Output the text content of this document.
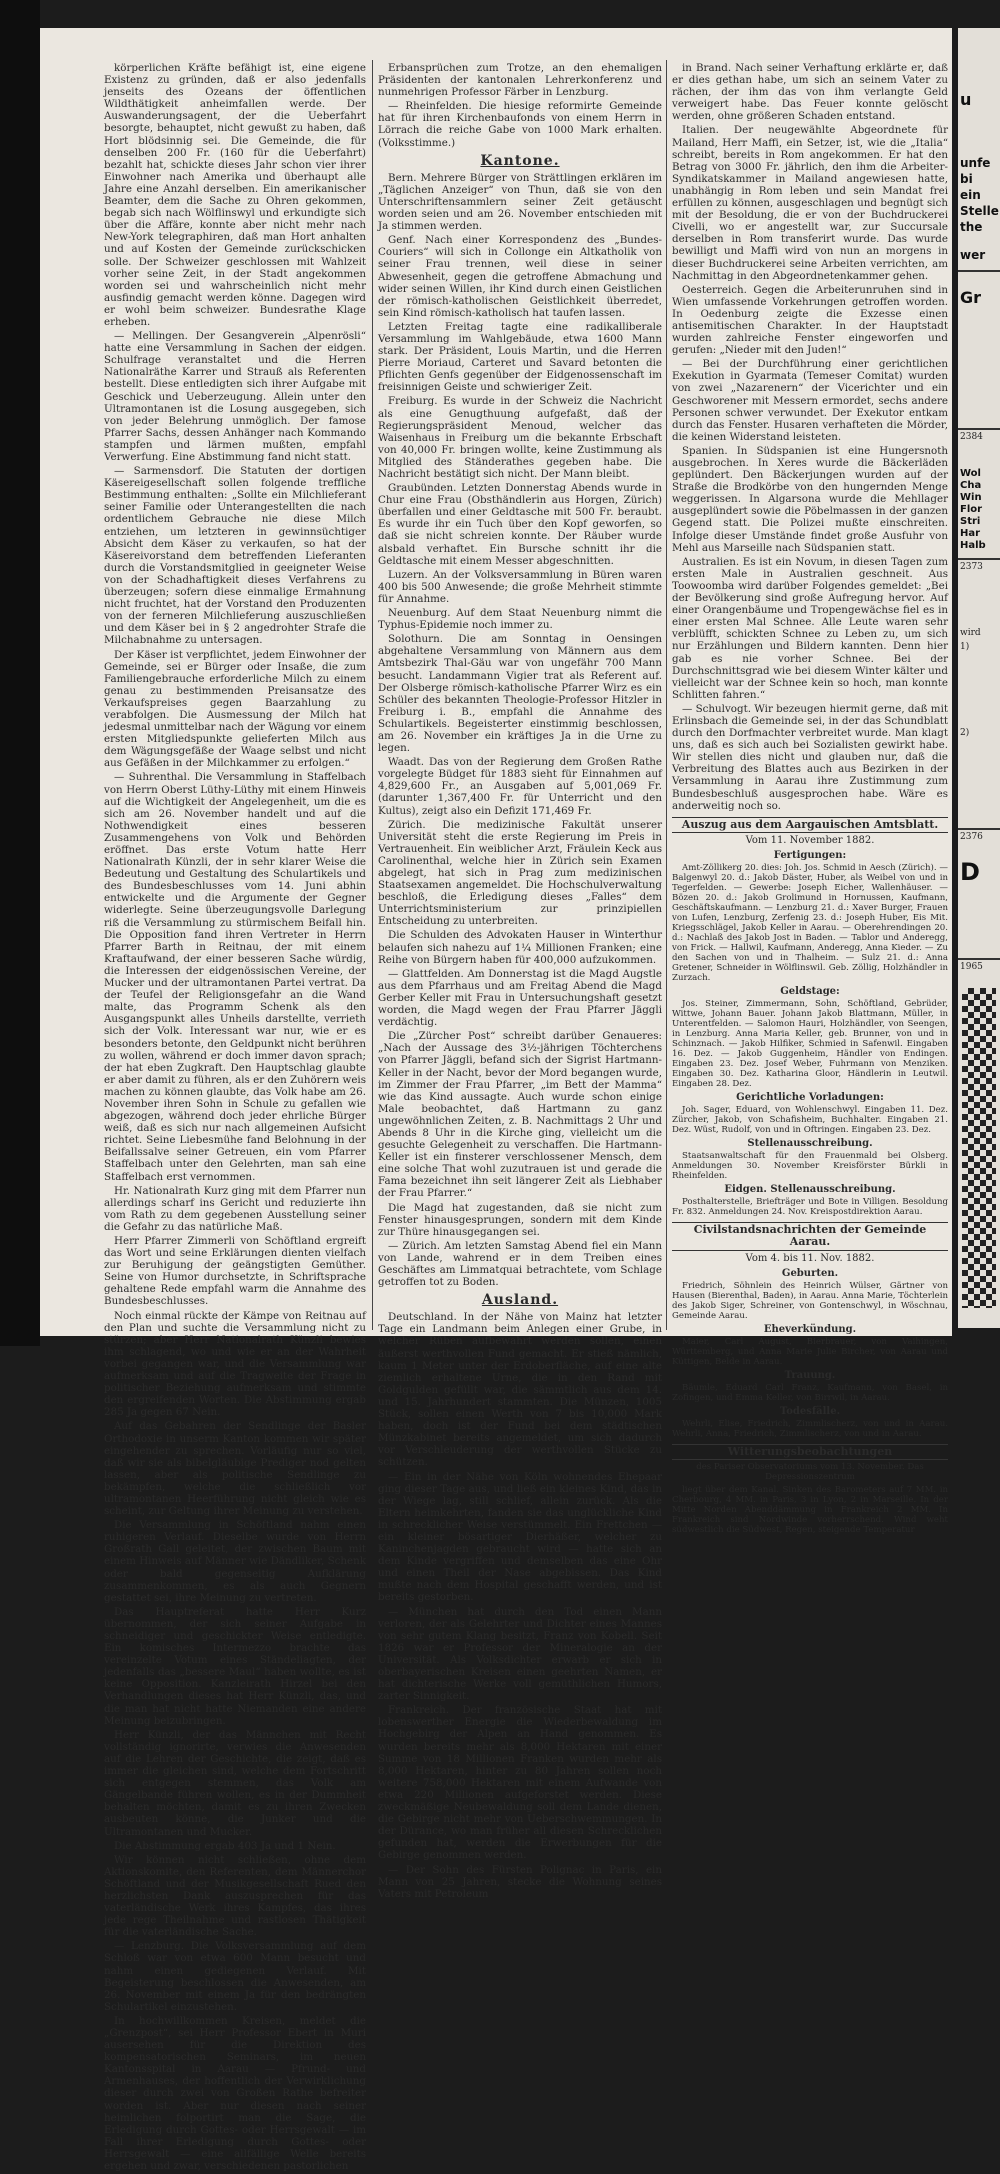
körperlichen Kräfte befähigt ist, eine eigene Existenz zu gründen, daß er also jedenfalls jenseits des Ozeans der öffentlichen Wildthätigkeit anheimfallen werde. Der Auswanderungsagent, der die Ueberfahrt besorgte, behauptet, nicht gewußt zu haben, daß Hort blödsinnig sei. Die Gemeinde, die für denselben 200 Fr. (160 für die Ueberfahrt) bezahlt hat, schickte dieses Jahr schon vier ihrer Einwohner nach Amerika und überhaupt alle Jahre eine Anzahl derselben. Ein amerikanischer Beamter, dem die Sache zu Ohren gekommen, begab sich nach Wölflinswyl und erkundigte sich über die Affäre, konnte aber nicht mehr nach New-York telegraphiren, daß man Hort anhalten und auf Kosten der Gemeinde zurückschicken solle. Der Schweizer geschlossen mit Wahlzeit vorher seine Zeit, in der Stadt angekommen worden sei und wahrscheinlich nicht mehr ausfindig gemacht werden könne. Dagegen wird er wohl beim schweizer. Bundesrathe Klage erheben.

— Mellingen. Der Gesangverein „Alpenrösli“ hatte eine Versammlung in Sachen der eidgen. Schulfrage veranstaltet und die Herren Nationalräthe Karrer und Strauß als Referenten bestellt. Diese entledigten sich ihrer Aufgabe mit Geschick und Ueberzeugung. Allein unter den Ultramontanen ist die Losung ausgegeben, sich von jeder Belehrung unmöglich. Der famose Pfarrer Sachs, dessen Anhänger nach Kommando stampfen und lärmen mußten, empfahl Verwerfung. Eine Abstimmung fand nicht statt.

— Sarmensdorf. Die Statuten der dortigen Käsereigesellschaft sollen folgende treffliche Bestimmung enthalten: „Sollte ein Milchlieferant seiner Familie oder Unterangestellten die nach ordentlichem Gebrauche nie diese Milch entziehen, um letzteren in gewinnsüchtiger Absicht dem Käser zu verkaufen, so hat der Käsereivorstand dem betreffenden Lieferanten durch die Vorstandsmitglied in geeigneter Weise von der Schadhaftigkeit dieses Verfahrens zu überzeugen; sofern diese einmalige Ermahnung nicht fruchtet, hat der Vorstand den Produzenten von der ferneren Milchlieferung auszuschließen und dem Käser bei in § 2 angedrohter Strafe die Milchabnahme zu untersagen.

Der Käser ist verpflichtet, jedem Einwohner der Gemeinde, sei er Bürger oder Insaße, die zum Familiengebrauche erforderliche Milch zu einem genau zu bestimmenden Preisansatze des Verkaufspreises gegen Baarzahlung zu verabfolgen. Die Ausmessung der Milch hat jedesmal unmittelbar nach der Wägung vor einem ersten Mitgliedspunkte gelieferten Milch aus dem Wägungsgefäße der Waage selbst und nicht aus Gefäßen in der Milchkammer zu erfolgen.“

— Suhrenthal. Die Versammlung in Staffelbach von Herrn Oberst Lüthy-Lüthy mit einem Hinweis auf die Wichtigkeit der Angelegenheit, um die es sich am 26. November handelt und auf die Nothwendigkeit eines besseren Zusammengehens von Volk und Behörden eröffnet. Das erste Votum hatte Herr Nationalrath Künzli, der in sehr klarer Weise die Bedeutung und Gestaltung des Schulartikels und des Bundesbeschlusses vom 14. Juni abhin entwickelte und die Argumente der Gegner widerlegte. Seine überzeugungsvolle Darlegung riß die Versammlung zu stürmischem Beifall hin. Die Opposition fand ihren Vertreter in Herrn Pfarrer Barth in Reitnau, der mit einem Kraftaufwand, der einer besseren Sache würdig, die Interessen der eidgenössischen Vereine, der Mucker und der ultramontanen Partei vertrat. Da der Teufel der Religionsgefahr an die Wand malte, das Programm Schenk als den Ausgangspunkt alles Unheils darstellte, verrieth sich der Volk. Interessant war nur, wie er es besonders betonte, den Geldpunkt nicht berühren zu wollen, während er doch immer davon sprach; der hat eben Zugkraft. Den Hauptschlag glaubte er aber damit zu führen, als er den Zuhörern weis machen zu können glaubte, das Volk habe am 26. November ihren Sohn in Schule zu gefallen wie abgezogen, während doch jeder ehrliche Bürger weiß, daß es sich nur nach allgemeinen Aufsicht richtet. Seine Liebesmühe fand Belohnung in der Beifallssalve seiner Getreuen, ein vom Pfarrer Staffelbach unter den Gelehrten, man sah eine Staffelbach erst vernommen.

Hr. Nationalrath Kurz ging mit dem Pfarrer nun allerdings scharf ins Gericht und reduzierte ihn vom Rath zu dem gegebenen Ausstellung seiner die Gefahr zu das natürliche Maß.

Herr Pfarrer Zimmerli von Schöftland ergreift das Wort und seine Erklärungen dienten vielfach zur Beruhigung der geängstigten Gemüther. Seine von Humor durchsetzte, in Schriftsprache gehaltene Rede empfahl warm die Annahme des Bundesbeschlusses.

Noch einmal rückte der Kämpe von Reitnau auf den Plan und suchte die Versammlung nicht zu stürzen; aber Herr Nationalrath Künzli bewies ihm schlagend, wo und wie er an der Wahrheit vorbei gegangen war, und die Versammlung war aufmerksam und auf die Tragweite der Frage in politischer Beziehung aufmerksam und stimmte den ergreifenden Worten. Die Abstimmung ergab 285 Ja gegen 67 Nein.

Auf das Gebahren der Sendlinge der Basler Orthodoxie in unserm Kanton kommen wir später eingehender zu sprechen. Vorläufig nur so viel, daß wir sie als bibelgläubige Prediger nod gelten lassen, aber als politische Sendlinge zu bekämpfen, welche die schließlich vor ultramontanen Heerführung nicht gleich wie es scheint, zur Geltung ihrer Meinung zu verstehen.

Die Versammlung in Schöftland nahm einen ruhigeren Verlauf. Dieselbe wurde von Herrn Großrath Gall geleitet, der zwischen Baum mit einem Hinweis auf Männer wie Dändliker, Schenk oder bald gegenseitig Aufklärung zusammenkommen, es als auch Gegnern gestattet sei, ihre Meinung zu vertreten.

Das Hauptreferat hatte Herr Kurz übernommen, der sich seiner Aufgabe in schneidiger und geschickter Weise entledigte. Ein komisches Intermezzo brachte das vereinzelte Votum eines Ständeliagten, der jedenfalls das „bessere Maul“ haben wollte, es ist keine Opposition. Kanzleirath Hirzel bei den Verhandlungen dieses hat Herr Künzli, das, und die man hat nicht hatte Niemanden eine andere Meinung beizubringen.

Herr Künzli, der das Männchen mit Recht vollständig ignorirte, verwies die Anwesenden auf die Lehren der Geschichte, die zeigt, daß es immer die gleichen sind, welche dem Fortschritt sich entgegen stemmen, das Volk am Gängelbande führen wollen, es in der Dummheit behalten möchten, damit es zu ihren Zwecken ausbeuten könne, die Junker und die Ultramontanen und Mucker.

Die Abstimmung ergab 403 Ja und 1 Nein.

Wir können nicht schließen, ohne dem Aktionskomite, den Referenten, dem Männerchor Schöftland und der Musikgesellschaft Rued den herzlichsten Dank auszusprechen für das vaterländische Werk ihres Kampfes, das ihres jede rege Theilnahme und rastlosen Thätigkeit für die vaterländische Sache.

— Lenzburg. Die Volksversammlung auf dem Schloß war von etwa 600 Mann besucht und nahm einen gediegenen Verlauf. Mit Begeisterung beschlossen die Anwesenden, am 26. November mit einem Ja für den bedrängten Schulartikel einzustehen.

In hochwillkommen Kreisen, meldet die „Grenzpost“, sei Herr Professor Ebert in Muri ausersehen für die Direktion des kompensatorischen Seminars, im neuen Kantonsspital in Aarau — Pfrund- und Armenhauses, der hoffentlich der Verwirklichung dieser durch zwei von Großen Rathe befreiter worden ist. Aber nur diesen nach seiner heimlichen folportirt man die Sage, die Erledigung durch Gottes- oder Herrsgewalt — im Fall ihrer Erledigung durch Gottes- oder Herrsgewalt — eine allfällige Welle bereits ergehen und zwar, verschiedenen pastorlichen

Erbansprüchen zum Trotze, an den ehemaligen Präsidenten der kantonalen Lehrerkonferenz und nunmehrigen Professor Färber in Lenzburg.

— Rheinfelden. Die hiesige reformirte Gemeinde hat für ihren Kirchenbaufonds von einem Herrn in Lörrach die reiche Gabe von 1000 Mark erhalten. (Volksstimme.)

Kantone.

Bern. Mehrere Bürger von Strättlingen erklären im „Täglichen Anzeiger“ von Thun, daß sie von den Unterschriftensammlern seiner Zeit getäuscht worden seien und am 26. November entschieden mit Ja stimmen werden.

Genf. Nach einer Korrespondenz des „Bundes-Couriers“ will sich in Collonge ein Altkatholik von seiner Frau trennen, weil diese in seiner Abwesenheit, gegen die getroffene Abmachung und wider seinen Willen, ihr Kind durch einen Geistlichen der römisch-katholischen Geistlichkeit überredet, sein Kind römisch-katholisch hat taufen lassen.

Letzten Freitag tagte eine radikalliberale Versammlung im Wahlgebäude, etwa 1600 Mann stark. Der Präsident, Louis Martin, und die Herren Pierre Moriaud, Carteret und Savard betonten die Pflichten Genfs gegenüber der Eidgenossenschaft im freisinnigen Geiste und schwieriger Zeit.

Freiburg. Es wurde in der Schweiz die Nachricht als eine Genugthuung aufgefaßt, daß der Regierungspräsident Menoud, welcher das Waisenhaus in Freiburg um die bekannte Erbschaft von 40,000 Fr. bringen wollte, keine Zustimmung als Mitglied des Ständerathes gegeben habe. Die Nachricht bestätigt sich nicht. Der Mann bleibt.

Graubünden. Letzten Donnerstag Abends wurde in Chur eine Frau (Obsthändlerin aus Horgen, Zürich) überfallen und einer Geldtasche mit 500 Fr. beraubt. Es wurde ihr ein Tuch über den Kopf geworfen, so daß sie nicht schreien konnte. Der Räuber wurde alsbald verhaftet. Ein Bursche schnitt ihr die Geldtasche mit einem Messer abgeschnitten.

Luzern. An der Volksversammlung in Büren waren 400 bis 500 Anwesende; die große Mehrheit stimmte für Annahme.

Neuenburg. Auf dem Staat Neuenburg nimmt die Typhus-Epidemie noch immer zu.

Solothurn. Die am Sonntag in Oensingen abgehaltene Versammlung von Männern aus dem Amtsbezirk Thal-Gäu war von ungefähr 700 Mann besucht. Landammann Vigier trat als Referent auf. Der Olsberge römisch-katholische Pfarrer Wirz es ein Schüler des bekannten Theologie-Professor Hitzler in Freiburg i. B., empfahl die Annahme des Schulartikels. Begeisterter einstimmig beschlossen, am 26. November ein kräftiges Ja in die Urne zu legen.

Waadt. Das von der Regierung dem Großen Rathe vorgelegte Büdget für 1883 sieht für Einnahmen auf 4,829,600 Fr., an Ausgaben auf 5,001,069 Fr. (darunter 1,367,400 Fr. für Unterricht und den Kultus), zeigt also ein Defizit 171,469 Fr.

Zürich. Die medizinische Fakultät unserer Universität steht die erste Regierung im Preis in Vertrauenheit. Ein weiblicher Arzt, Fräulein Keck aus Carolinenthal, welche hier in Zürich sein Examen abgelegt, hat sich in Prag zum medizinischen Staatsexamen angemeldet. Die Hochschulverwaltung beschloß, die Erledigung dieses „Falles“ dem Unterrichtsministerium zur prinzipiellen Entscheidung zu unterbreiten.

Die Schulden des Advokaten Hauser in Winterthur belaufen sich nahezu auf 1¼ Millionen Franken; eine Reihe von Bürgern haben für 400,000 aufzukommen.

— Glattfelden. Am Donnerstag ist die Magd Augstle aus dem Pfarrhaus und am Freitag Abend die Magd Gerber Keller mit Frau in Untersuchungshaft gesetzt worden, die Magd wegen der Frau Pfarrer Jäggli verdächtig.

Die „Zürcher Post“ schreibt darüber Genaueres: „Nach der Aussage des 3½-jährigen Töchterchens von Pfarrer Jäggli, befand sich der Sigrist Hartmann-Keller in der Nacht, bevor der Mord begangen wurde, im Zimmer der Frau Pfarrer, „im Bett der Mamma“ wie das Kind aussagte. Auch wurde schon einige Male beobachtet, daß Hartmann zu ganz ungewöhnlichen Zeiten, z. B. Nachmittags 2 Uhr und Abends 8 Uhr in die Kirche ging, vielleicht um die gesuchte Gelegenheit zu verschaffen. Die Hartmann-Keller ist ein finsterer verschlossener Mensch, dem eine solche That wohl zuzutrauen ist und gerade die Fama bezeichnet ihn seit längerer Zeit als Liebhaber der Frau Pfarrer.“

Die Magd hat zugestanden, daß sie nicht zum Fenster hinausgesprungen, sondern mit dem Kinde zur Thüre hinausgegangen sei.

— Zürich. Am letzten Samstag Abend fiel ein Mann von Lande, wahrend er in dem Treiben eines Geschäftes am Limmatquai betrachtete, vom Schlage getroffen tot zu Boden.

Ausland.

Deutschland. In der Nähe von Mainz hat letzter Tage ein Landmann beim Anlegen einer Grube, in welcher Rüben aufbewahrt werden sollen, einen äußerst werthvollen Fund gemacht. Er stieß nämlich, kaum 1 Meter unter der Erdoberfläche, auf eine alte ziemlich erhaltene Urne, die in den Rand mit Goldgulden gefüllt war, die sämmtlich aus dem 14. und 15. Jahrhundert stammten. Die Münzen, 1005 Stück, sollen einen Werth von 7 bis 10,000 Mark haben, doch ist der Fund bei dem städtischen Münzkabinet bereits angemeldet, um sich dadurch vor Verschleuderung der werthvollen Stücke zu schützen.

— Ein in der Nähe von Köln wohnendes Ehepaar ging dieser Tage aus, und ließ ein kleines Kind, das in der Wiege lag, still schlief, allein zurück. Als die Eltern heimkehrten, fanden sie das unglückliche Kind in schrecklicher Weise verstümmelt. Ein Frettchen — ein kleiner bösartiger Dierhäßer, welcher zu Kaninchenjagden gebraucht wird — hatte sich an dem Kinde vergriffen und demselben das eine Ohr und einen Theil der Nase abgebissen. Das Kind mußte nach dem Hospital geschafft werden, und ist bereits gestorben.

— München hat durch den Tod einen Mann verloren, der als Gelehrter und Dichter eines Mannes von sehr gutem Klang besitzt, Franz von Kobell. Seit 1826 war er Professor der Mineralogie an der Universität. Als Volksdichter erwarb er sich in oberbayerischen Kreisen einen geehrten Namen, er hat dichterische Werke voll gemüthlichen Humors, zarter Sinnigkeit.

Frankreich. Der französische Staat hat mit lobenswerther Energie die Wiederbewaldung im Hochgebirg der Alpen an Hand genommen. Es wurden bereits mehr als 8,000 Hektaren mit einer Summe von 18 Millionen Franken wurden mehr als 8,000 Hektaren, hinter zu 80 Jahren sollen noch weitere 758,000 Hektaren mit einem Aufwande von etwa 220 Millionen aufgeforstet werden. Diese zweckmäßige Neubewaldung soll dem Lande dienen, die Gebirge nicht mehr von Ueberschwemmungen. In der Dürance, wo man früher all diesen Schrecklichen gefunden hat, werden die Erwerbungen für die Gebirge genommen werden.

— Der Sohn des Fürsten Polignac in Paris, ein Mann von 25 Jahren, stecke die Wohnung seines Vaters mit Petroleum

in Brand. Nach seiner Verhaftung erklärte er, daß er dies gethan habe, um sich an seinem Vater zu rächen, der ihm das von ihm verlangte Geld verweigert habe. Das Feuer konnte gelöscht werden, ohne größeren Schaden entstand.

Italien. Der neugewählte Abgeordnete für Mailand, Herr Maffi, ein Setzer, ist, wie die „Italia“ schreibt, bereits in Rom angekommen. Er hat den Betrag von 3000 Fr. jährlich, den ihm die Arbeiter-Syndikatskammer in Mailand angewiesen hatte, unabhängig in Rom leben und sein Mandat frei erfüllen zu können, ausgeschlagen und begnügt sich mit der Besoldung, die er von der Buchdruckerei Civelli, wo er angestellt war, zur Succursale derselben in Rom transferirt wurde. Das wurde bewilligt und Maffi wird von nun an morgens in dieser Buchdruckerei seine Arbeiten verrichten, am Nachmittag in den Abgeordnetenkammer gehen.

Oesterreich. Gegen die Arbeiterunruhen sind in Wien umfassende Vorkehrungen getroffen worden. In Oedenburg zeigte die Exzesse einen antisemitischen Charakter. In der Hauptstadt wurden zahlreiche Fenster eingeworfen und gerufen: „Nieder mit den Juden!“

— Bei der Durchführung einer gerichtlichen Exekution in Gyarmata (Temeser Comitat) wurden von zwei „Nazarenern“ der Vicerichter und ein Geschworener mit Messern ermordet, sechs andere Personen schwer verwundet. Der Exekutor entkam durch das Fenster. Husaren verhafteten die Mörder, die keinen Widerstand leisteten.

Spanien. In Südspanien ist eine Hungersnoth ausgebrochen. In Xeres wurde die Bäckerläden geplündert. Den Bäckerjungen wurden auf der Straße die Brodkörbe von den hungernden Menge weggerissen. In Algarsona wurde die Mehllager ausgeplündert sowie die Pöbelmassen in der ganzen Gegend statt. Die Polizei mußte einschreiten. Infolge dieser Umstände findet große Ausfuhr von Mehl aus Marseille nach Südspanien statt.

Australien. Es ist ein Novum, in diesen Tagen zum ersten Male in Australien geschneit. Aus Toowoomba wird darüber Folgendes gemeldet: „Bei der Bevölkerung sind große Aufregung hervor. Auf einer Orangenbäume und Tropengewächse fiel es in einer ersten Mal Schnee. Alle Leute waren sehr verblüfft, schickten Schnee zu Leben zu, um sich nur Erzählungen und Bildern kannten. Denn hier gab es nie vorher Schnee. Bei der Durchschnittsgrad wie bei diesem Winter kälter und vielleicht war der Schnee kein so hoch, man konnte Schlitten fahren.“

— Schulvogt. Wir bezeugen hiermit gerne, daß mit Erlinsbach die Gemeinde sei, in der das Schundblatt durch den Dorfmachter verbreitet wurde. Man klagt uns, daß es sich auch bei Sozialisten gewirkt habe. Wir stellen dies nicht und glauben nur, daß die Verbreitung des Blattes auch aus Bezirken in der Versammlung in Aarau ihre Zustimmung zum Bundesbeschluß ausgesprochen habe. Wäre es anderweitig noch so.

Auszug aus dem Aargauischen Amtsblatt.
Vom 11. November 1882.
Fertigungen:

Amt-Zöllikerg 20. dies: Joh. Jos. Schmid in Aesch (Zürich). — Balgenwyl 20. d.: Jakob Däster, Huber, als Weibel von und in Tegerfelden. — Gewerbe: Joseph Eicher, Wallenhäuser. — Bözen 20. d.: Jakob Grolimund in Hornussen, Kaufmann, Geschäftskaufmann. — Lenzburg 21. d.: Xaver Burger, Frauen von Lufen, Lenzburg, Zerfenig 23. d.: Joseph Huber, Eis Mit. Kriegsschlägel, Jakob Keller in Aarau. — Oberehrendingen 20. d.: Nachlaß des Jakob Jost in Baden. — Tablor und Anderegg, von Frick. — Hallwil, Kaufmann, Anderegg, Anna Kieder. — Zu den Sachen von und in Thalheim. — Sulz 21. d.: Anna Gretener, Schneider in Wölflinswil. Geb. Zöllig, Holzhändler in Zurzach.

Geldstage:

Jos. Steiner, Zimmermann, Sohn, Schöftland, Gebrüder, Wittwe, Johann Bauer. Johann Jakob Blattmann, Müller, in Unterentfelden. — Salomon Hauri, Holzhändler, von Seengen, in Lenzburg. Anna Maria Keller, geb. Brunner, von und in Schinznach. — Jakob Hilfiker, Schmied in Safenwil. Eingaben 16. Dez. — Jakob Guggenheim, Händler von Endingen. Eingaben 23. Dez. Josef Weber, Fuhrmann von Menziken. Eingaben 30. Dez. Katharina Gloor, Händlerin in Leutwil. Eingaben 28. Dez.

Gerichtliche Vorladungen:

Joh. Sager, Eduard, von Wohlenschwyl. Eingaben 11. Dez. Zürcher, Jakob, von Schafisheim, Buchhalter. Eingaben 21. Dez. Wüst, Rudolf, von und in Oftringen. Eingaben 23. Dez.

Stellenausschreibung.

Staatsanwaltschaft für den Frauenmald bei Olsberg. Anmeldungen 30. November Kreisförster Bürkli in Rheinfelden.

Eidgen. Stellenausschreibung.

Posthalterstelle, Briefträger und Bote in Villigen. Besoldung Fr. 832. Anmeldungen 24. Nov. Kreispostdirektion Aarau.

Civilstandsnachrichten der Gemeinde Aarau.
Vom 4. bis 11. Nov. 1882.
Geburten.

Friedrich, Söhnlein des Heinrich Wülser, Gärtner von Hausen (Bierenthal, Baden), in Aarau. Anna Marie, Töchterlein des Jakob Siger, Schreiner, von Gontenschwyl, in Wöschnau, Gemeinde Aarau.

Eheverkündung.

Maier, Carl August, Bierbrauer, von Vaihingen, Württemberg, und Anna Marie Julie Bircher, von Aarau und Küttigen, Belde in Aarau.

Trauung.

Bäumle, Eduard Carl Franz, Kaufmann, von Basel, in Zofingen, und Emma Keller, von Birrwil, in Aarau.

Todesfälle.

Wehrli, Elise, Friedrich, Zimmlischerz, von und in Aarau. Wehrli, Anna, Friedrich, Zimmlischerz, von und in Aarau.

Witterungsbeobachtungen
des Pariser Observatoriums vom 13. November. Das Depressionszentrum

liegt über dem Kanal. Sinken des Barometers auf 7 MM. in Cherbourg, 4 MM. in Paris, 3 in Lyon, 2 in Marseille. In der Mitte Norden Abenddämmung in Frankreich 2 MM. In Frankreich sind Nordwinde vorherrschend. Wind weht südwestlich die Südwest, Regen, steigende Temperatur

u
unfe
bi
ein
Stelle
the
wer
Gr
2384
Wol
Cha
Win
Flor
Stri
Har
Halb
2373
wird
1)
2)
2376
D
1965
